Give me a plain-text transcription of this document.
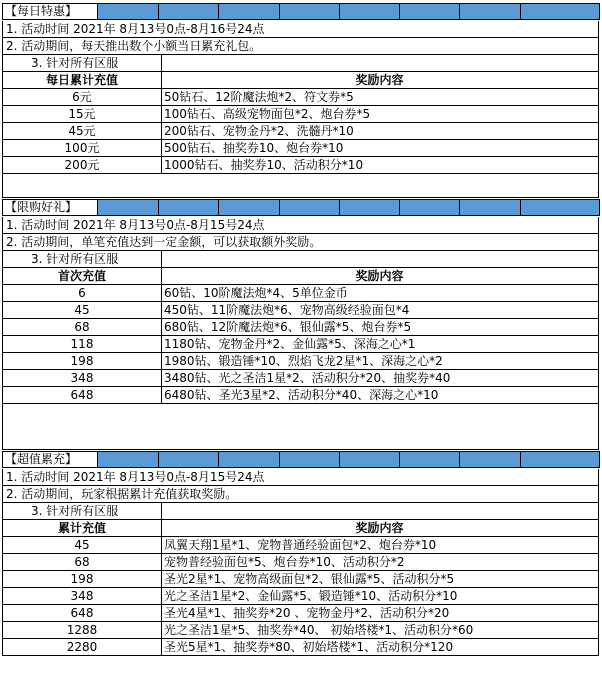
【每日特惠】
1. 活动时间 2021年 8月13号0点-8月16号24点
2. 活动期间，每天推出数个小额当日累充礼包。
3. 针对所有区服
每日累计充值	奖励内容
6元	50钻石、12阶魔法炮*2、符文券*5
15元	100钻石、高级宠物面包*2、炮台券*5
45元	200钻石、宠物金丹*2、洗髓丹*10
100元	500钻石、抽奖券10、炮台券*10
200元	1000钻石、抽奖券10、活动积分*10
【限购好礼】
1. 活动时间 2021年 8月13号0点-8月15号24点
2. 活动期间，单笔充值达到一定金额，可以获取额外奖励。
3. 针对所有区服
首次充值	奖励内容
6	60钻、10阶魔法炮*4、5单位金币
45	450钻、11阶魔法炮*6、宠物高级经验面包*4
68	680钻、12阶魔法炮*6、银仙露*5、炮台券*5
118	1180钻、宠物金丹*2、金仙露*5、深海之心*1
198	1980钻、锻造锤*10、烈焰飞龙2星*1、深海之心*2
348	3480钻、光之圣洁1星*2、活动积分*20、抽奖券*40
648	6480钻、圣光3星*2、活动积分*40、深海之心*10
【超值累充】
1. 活动时间 2021年 8月13号0点-8月15号24点
2. 活动期间，玩家根据累计充值获取奖励。
3. 针对所有区服
累计充值	奖励内容
45	凤翼天翔1星*1、宠物普通经验面包*2、炮台券*10
68	宠物普经验面包*5、炮台券*10、活动积分*2
198	圣光2星*1、宠物高级面包*2、银仙露*5、活动积分*5
348	光之圣洁1星*2、金仙露*5、锻造锤*10、活动积分*10
648	圣光4星*1、抽奖券*20 、宠物金丹*2、活动积分*20
1288	光之圣洁1星*5、抽奖券*40、 初始塔楼*1、活动积分*60
2280	圣光5星*1、抽奖券*80、初始塔楼*1、活动积分*120
